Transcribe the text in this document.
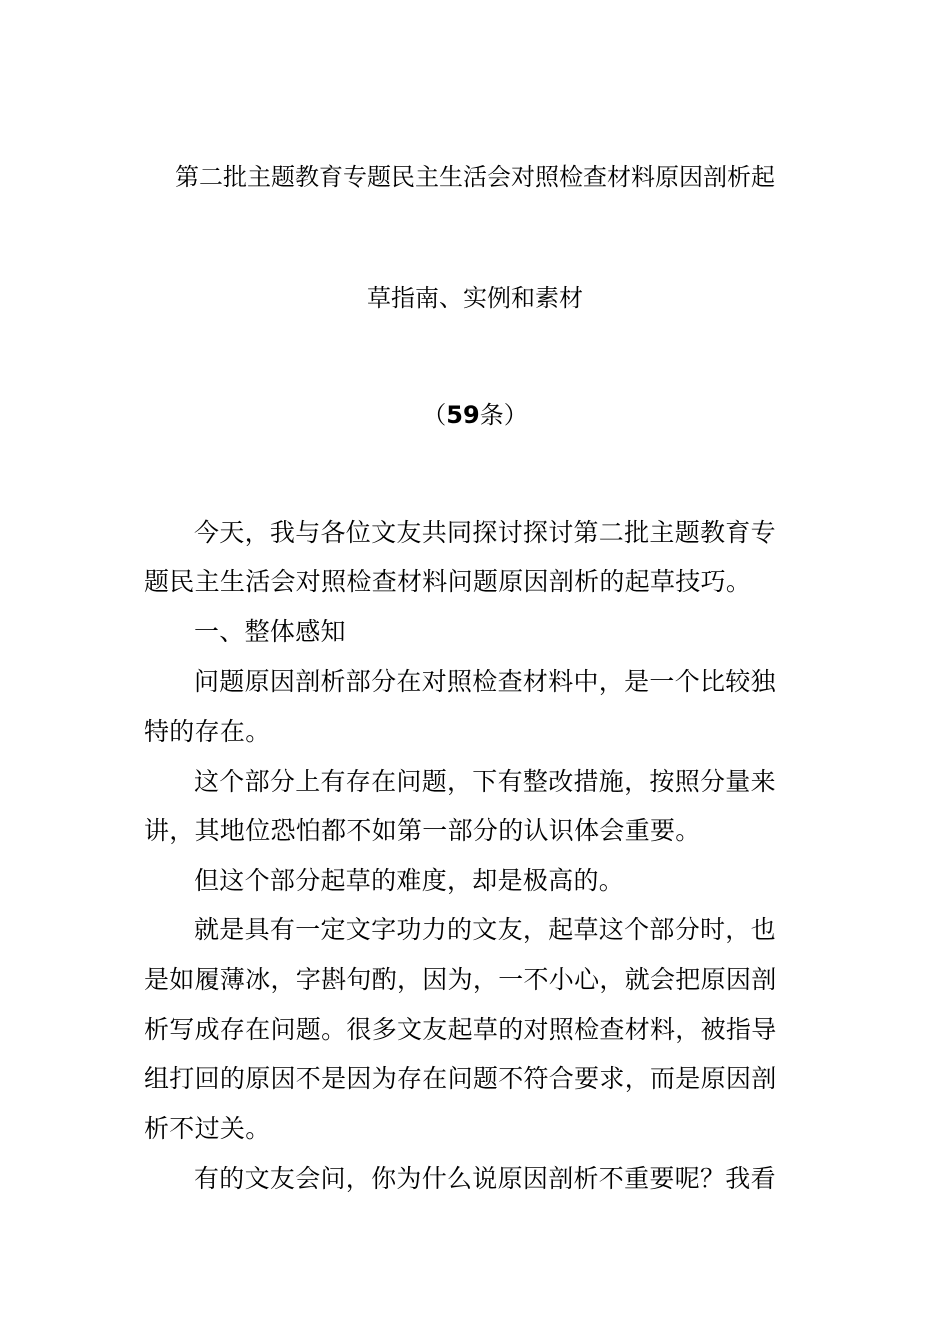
第二批主题教育专题民主生活会对照检查材料原因剖析起
草指南、实例和素材
（59条）
今天，我与各位文友共同探讨探讨第二批主题教育专
题民主生活会对照检查材料问题原因剖析的起草技巧。
一、整体感知
问题原因剖析部分在对照检查材料中，是一个比较独
特的存在。
这个部分上有存在问题，下有整改措施，按照分量来
讲，其地位恐怕都不如第一部分的认识体会重要。
但这个部分起草的难度，却是极高的。
就是具有一定文字功力的文友，起草这个部分时，也
是如履薄冰，字斟句酌，因为，一不小心，就会把原因剖
析写成存在问题。很多文友起草的对照检查材料，被指导
组打回的原因不是因为存在问题不符合要求，而是原因剖
析不过关。
有的文友会问，你为什么说原因剖析不重要呢？我看
